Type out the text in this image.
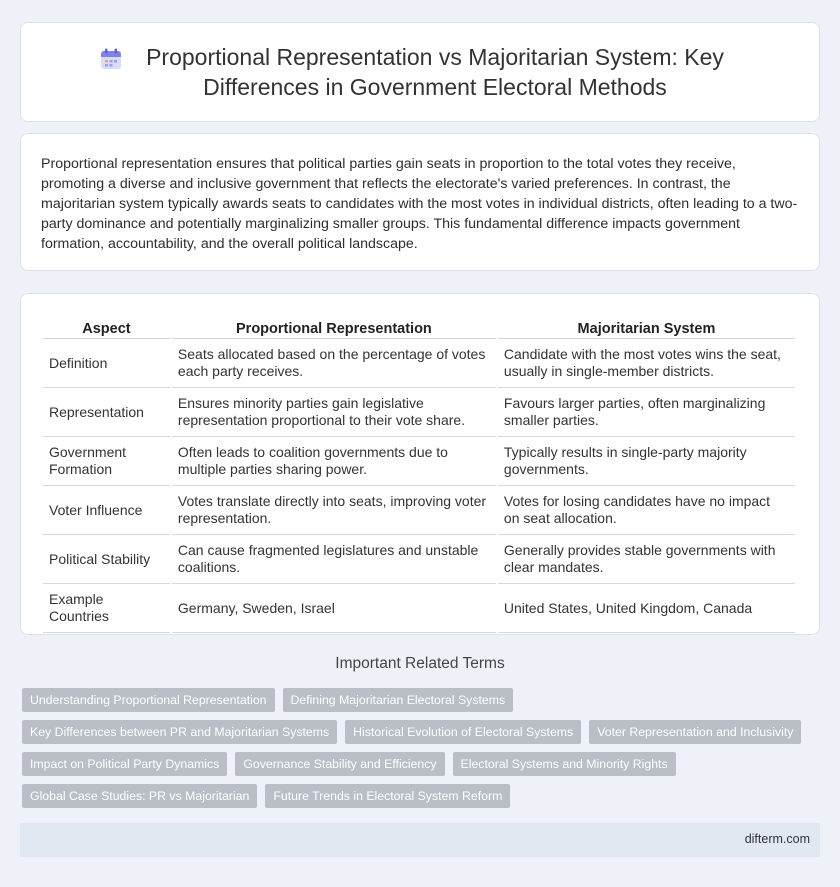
Proportional Representation vs Majoritarian System: Key Differences in Government Electoral Methods

Proportional representation ensures that political parties gain seats in proportion to the total votes they receive, promoting a diverse and inclusive government that reflects the electorate's varied preferences. In contrast, the majoritarian system typically awards seats to candidates with the most votes in individual districts, often leading to a two-party dominance and potentially marginalizing smaller groups. This fundamental difference impacts government formation, accountability, and the overall political landscape.

Aspect	Proportional Representation	Majoritarian System
Definition	Seats allocated based on the percentage of votes each party receives.	Candidate with the most votes wins the seat, usually in single-member districts.
Representation	Ensures minority parties gain legislative representation proportional to their vote share.	Favours larger parties, often marginalizing smaller parties.
Government Formation	Often leads to coalition governments due to multiple parties sharing power.	Typically results in single-party majority governments.
Voter Influence	Votes translate directly into seats, improving voter representation.	Votes for losing candidates have no impact on seat allocation.
Political Stability	Can cause fragmented legislatures and unstable coalitions.	Generally provides stable governments with clear mandates.
Example Countries	Germany, Sweden, Israel	United States, United Kingdom, Canada
Important Related Terms
Understanding Proportional Representation	Defining Majoritarian Electoral Systems
Key Differences between PR and Majoritarian Systems	Historical Evolution of Electoral Systems	Voter Representation and Inclusivity
Impact on Political Party Dynamics	Governance Stability and Efficiency	Electoral Systems and Minority Rights
Global Case Studies: PR vs Majoritarian	Future Trends in Electoral System Reform
difterm.com
